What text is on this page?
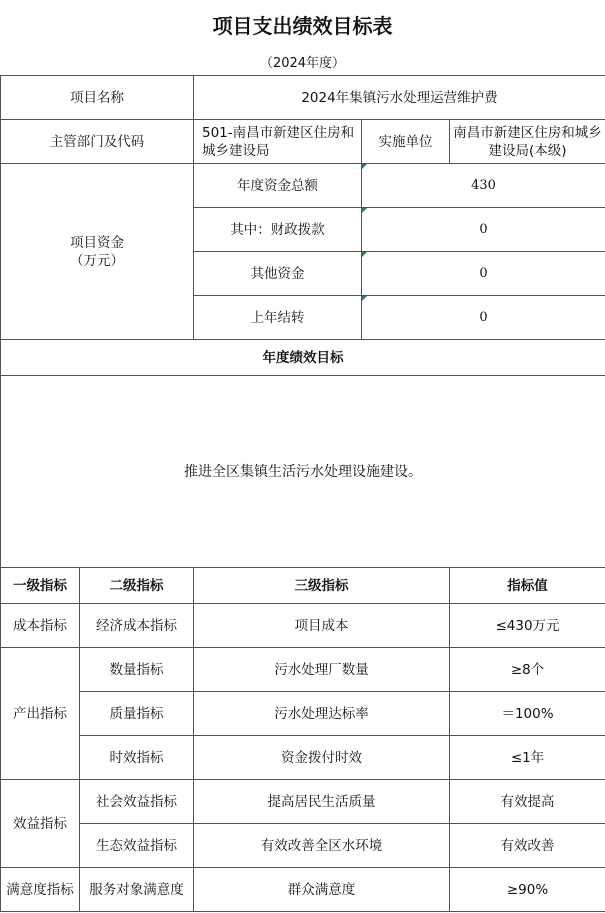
项目支出绩效目标表
（2024年度）
项目名称		2024年集镇污水处理运营维护费		
主管部门及代码		501-南昌市新建区住房和城乡建设局	实施单位	南昌市新建区住房和城乡建设局(本级)
项目资金
（万元）		年度资金总额	430	
		其中：财政拨款	0	
		其他资金	0	
		上年结转	0	
年度绩效目标				
推进全区集镇生活污水处理设施建设。				
一级指标	二级指标	三级指标		指标值
成本指标	经济成本指标	项目成本		≤430万元
产出指标	数量指标	污水处理厂数量		≥8个
	质量指标	污水处理达标率		＝100%
	时效指标	资金拨付时效		≤1年
效益指标	社会效益指标	提高居民生活质量		有效提高
	生态效益指标	有效改善全区水环境		有效改善
满意度指标	服务对象满意度	群众满意度		≥90%
